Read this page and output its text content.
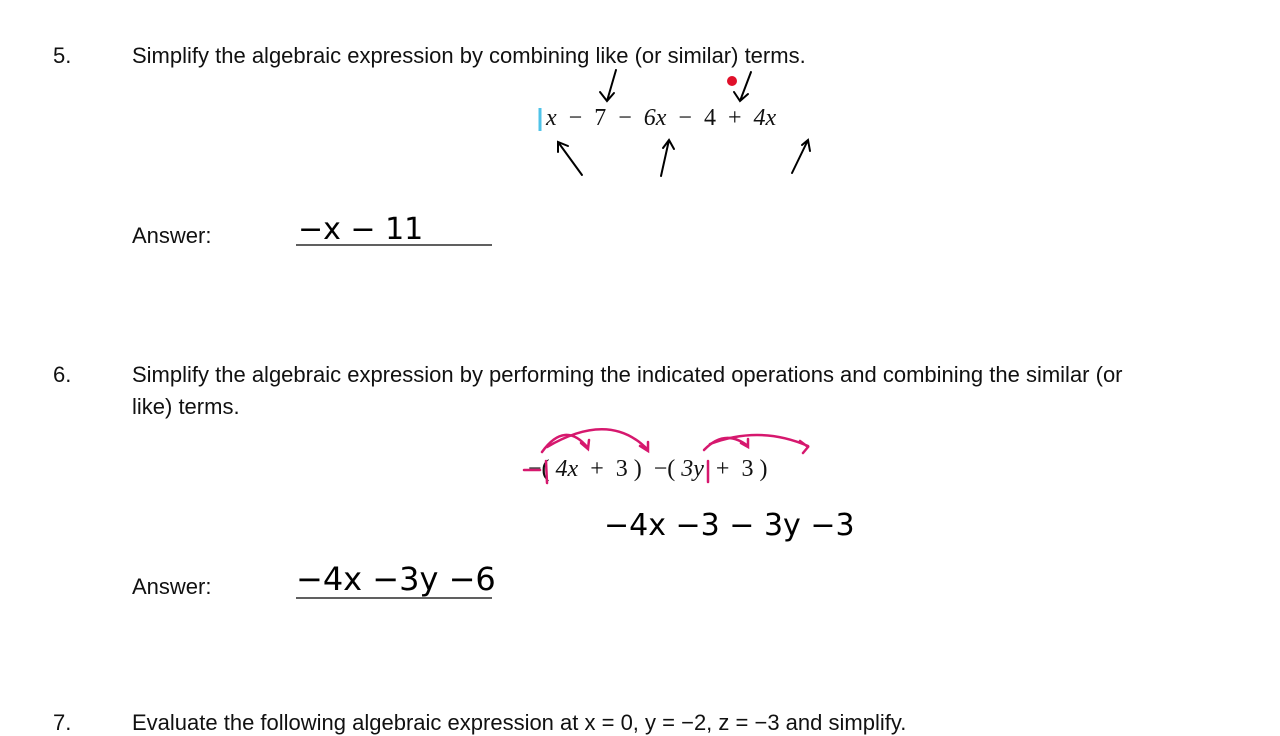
5.	Simplify the algebraic expression by combining like (or similar) terms.
x − 7 − 6x − 4 + 4x
Answer:	−x − 11
6.	Simplify the algebraic expression by performing the indicated operations and combining the similar (or
like) terms.
−( 4x + 3 ) −( 3y + 3 )
−4x −3 − 3y −3
Answer:	−4x −3y −6
7.	Evaluate the following algebraic expression at x = 0, y = −2, z = −3 and simplify.
